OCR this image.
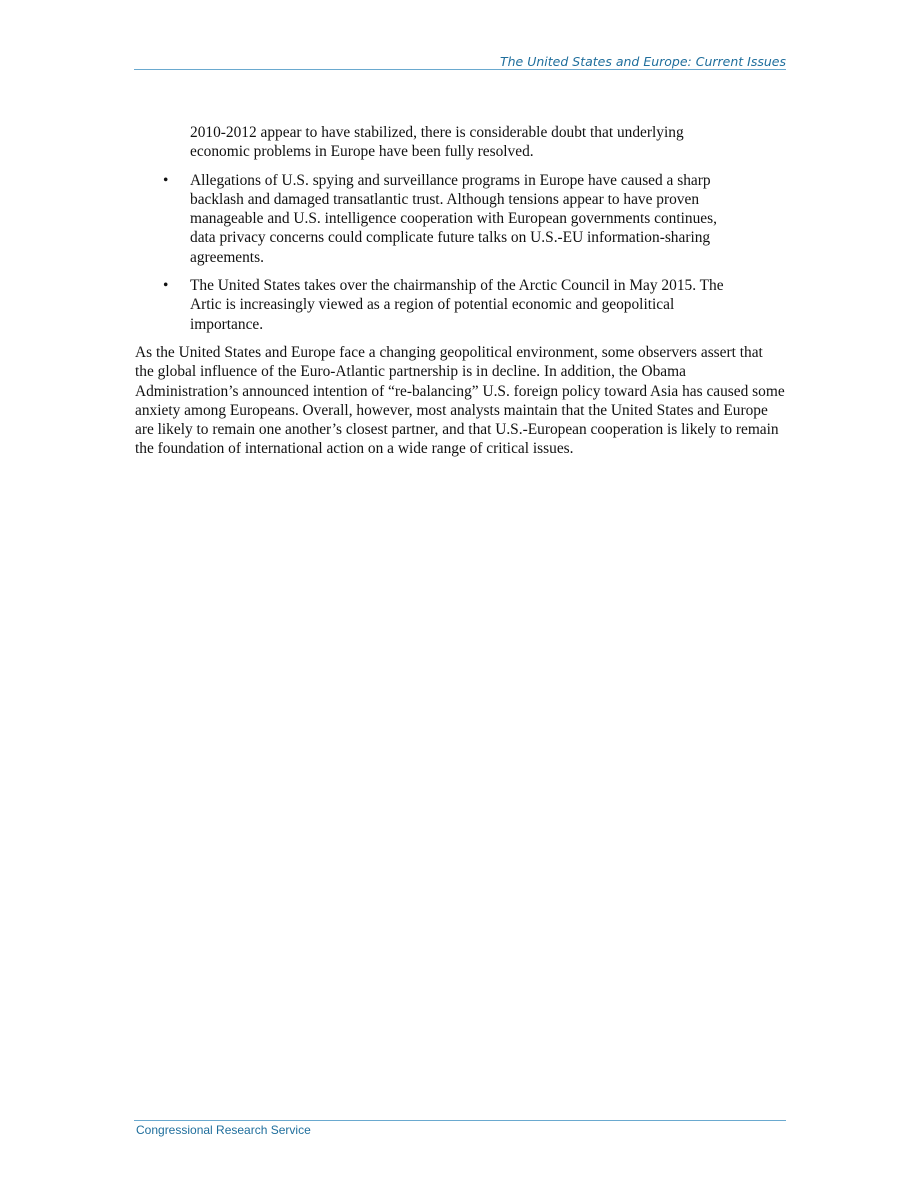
The United States and Europe: Current Issues

2010-2012 appear to have stabilized, there is considerable doubt that underlying economic problems in Europe have been fully resolved.

• Allegations of U.S. spying and surveillance programs in Europe have caused a sharp backlash and damaged transatlantic trust. Although tensions appear to have proven manageable and U.S. intelligence cooperation with European governments continues, data privacy concerns could complicate future talks on U.S.-EU information-sharing agreements.
• The United States takes over the chairmanship of the Arctic Council in May 2015. The Artic is increasingly viewed as a region of potential economic and geopolitical importance.

As the United States and Europe face a changing geopolitical environment, some observers assert that the global influence of the Euro-Atlantic partnership is in decline. In addition, the Obama Administration’s announced intention of “re-balancing” U.S. foreign policy toward Asia has caused some anxiety among Europeans. Overall, however, most analysts maintain that the United States and Europe are likely to remain one another’s closest partner, and that U.S.-European cooperation is likely to remain the foundation of international action on a wide range of critical issues.

Congressional Research Service
